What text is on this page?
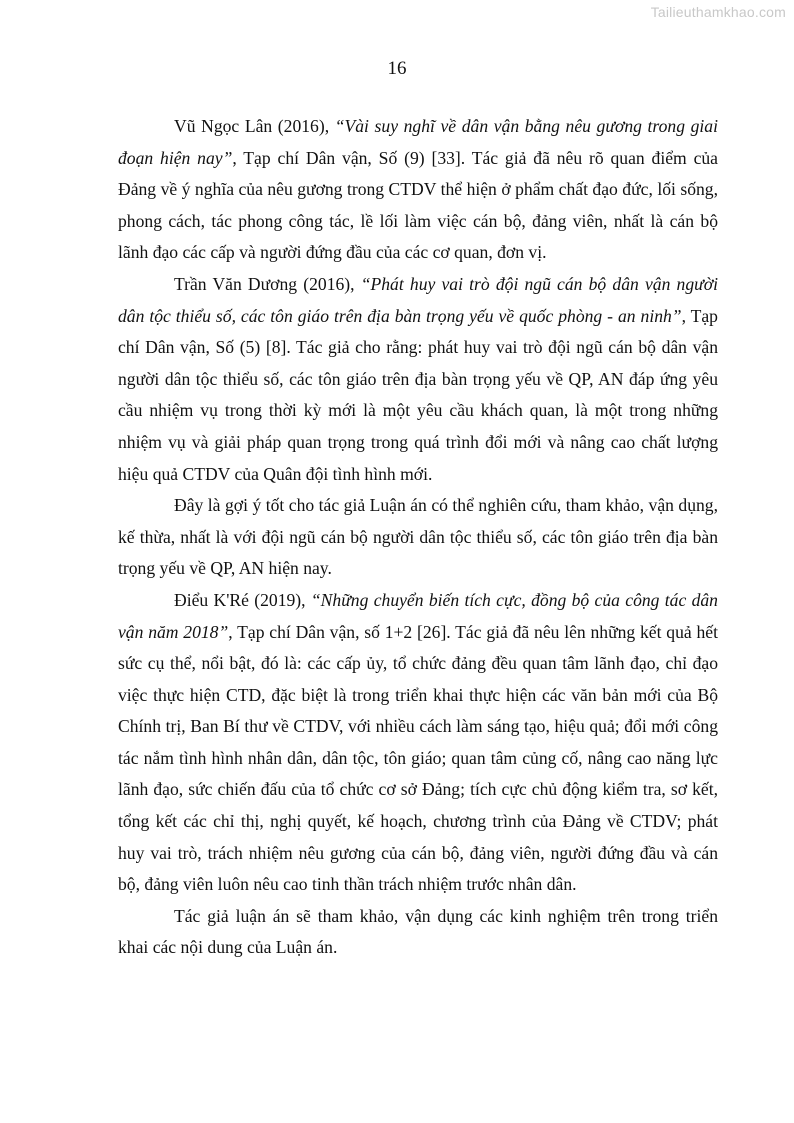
Tailieuthamkhao.com
16

Vũ Ngọc Lân (2016), “Vài suy nghĩ về dân vận bằng nêu gương trong giai đoạn hiện nay”, Tạp chí Dân vận, Số (9) [33]. Tác giả đã nêu rõ quan điểm của Đảng về ý nghĩa của nêu gương trong CTDV thể hiện ở phẩm chất đạo đức, lối sống, phong cách, tác phong công tác, lề lối làm việc cán bộ, đảng viên, nhất là cán bộ lãnh đạo các cấp và người đứng đầu của các cơ quan, đơn vị.

Trần Văn Dương (2016), “Phát huy vai trò đội ngũ cán bộ dân vận người dân tộc thiểu số, các tôn giáo trên địa bàn trọng yếu về quốc phòng - an ninh”, Tạp chí Dân vận, Số (5) [8]. Tác giả cho rằng: phát huy vai trò đội ngũ cán bộ dân vận người dân tộc thiểu số, các tôn giáo trên địa bàn trọng yếu về QP, AN đáp ứng yêu cầu nhiệm vụ trong thời kỳ mới là một yêu cầu khách quan, là một trong những nhiệm vụ và giải pháp quan trọng trong quá trình đổi mới và nâng cao chất lượng hiệu quả CTDV của Quân đội tình hình mới.

Đây là gợi ý tốt cho tác giả Luận án có thể nghiên cứu, tham khảo, vận dụng, kế thừa, nhất là với đội ngũ cán bộ người dân tộc thiểu số, các tôn giáo trên địa bàn trọng yếu về QP, AN hiện nay.

Điểu K'Ré (2019), “Những chuyển biến tích cực, đồng bộ của công tác dân vận năm 2018”, Tạp chí Dân vận, số 1+2 [26]. Tác giả đã nêu lên những kết quả hết sức cụ thể, nổi bật, đó là: các cấp ủy, tổ chức đảng đều quan tâm lãnh đạo, chỉ đạo việc thực hiện CTD, đặc biệt là trong triển khai thực hiện các văn bản mới của Bộ Chính trị, Ban Bí thư về CTDV, với nhiều cách làm sáng tạo, hiệu quả; đổi mới công tác nắm tình hình nhân dân, dân tộc, tôn giáo; quan tâm củng cố, nâng cao năng lực lãnh đạo, sức chiến đấu của tổ chức cơ sở Đảng; tích cực chủ động kiểm tra, sơ kết, tổng kết các chỉ thị, nghị quyết, kế hoạch, chương trình của Đảng về CTDV; phát huy vai trò, trách nhiệm nêu gương của cán bộ, đảng viên, người đứng đầu và cán bộ, đảng viên luôn nêu cao tinh thần trách nhiệm trước nhân dân.

Tác giả luận án sẽ tham khảo, vận dụng các kinh nghiệm trên trong triển khai các nội dung của Luận án.
